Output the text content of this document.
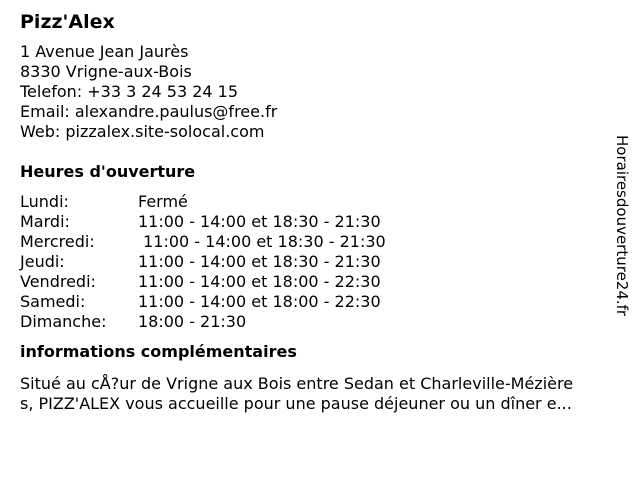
Pizz'Alex
1 Avenue Jean Jaurès
8330 Vrigne-aux-Bois
Telefon: +33 3 24 53 24 15
Email: alexandre.paulus@free.fr
Web: pizzalex.site-solocal.com
Heures d'ouverture
Lundi:	Fermé
Mardi:	11:00 - 14:00 et 18:30 - 21:30
Mercredi:	11:00 - 14:00 et 18:30 - 21:30
Jeudi:	11:00 - 14:00 et 18:30 - 21:30
Vendredi:	11:00 - 14:00 et 18:00 - 22:30
Samedi:	11:00 - 14:00 et 18:00 - 22:30
Dimanche:	18:00 - 21:30
informations complémentaires
Situé au cÅ?ur de Vrigne aux Bois entre Sedan et Charleville-Mézière
s, PIZZ'ALEX vous accueille pour une pause déjeuner ou un dîner e...
Horairesdouverture24.fr
